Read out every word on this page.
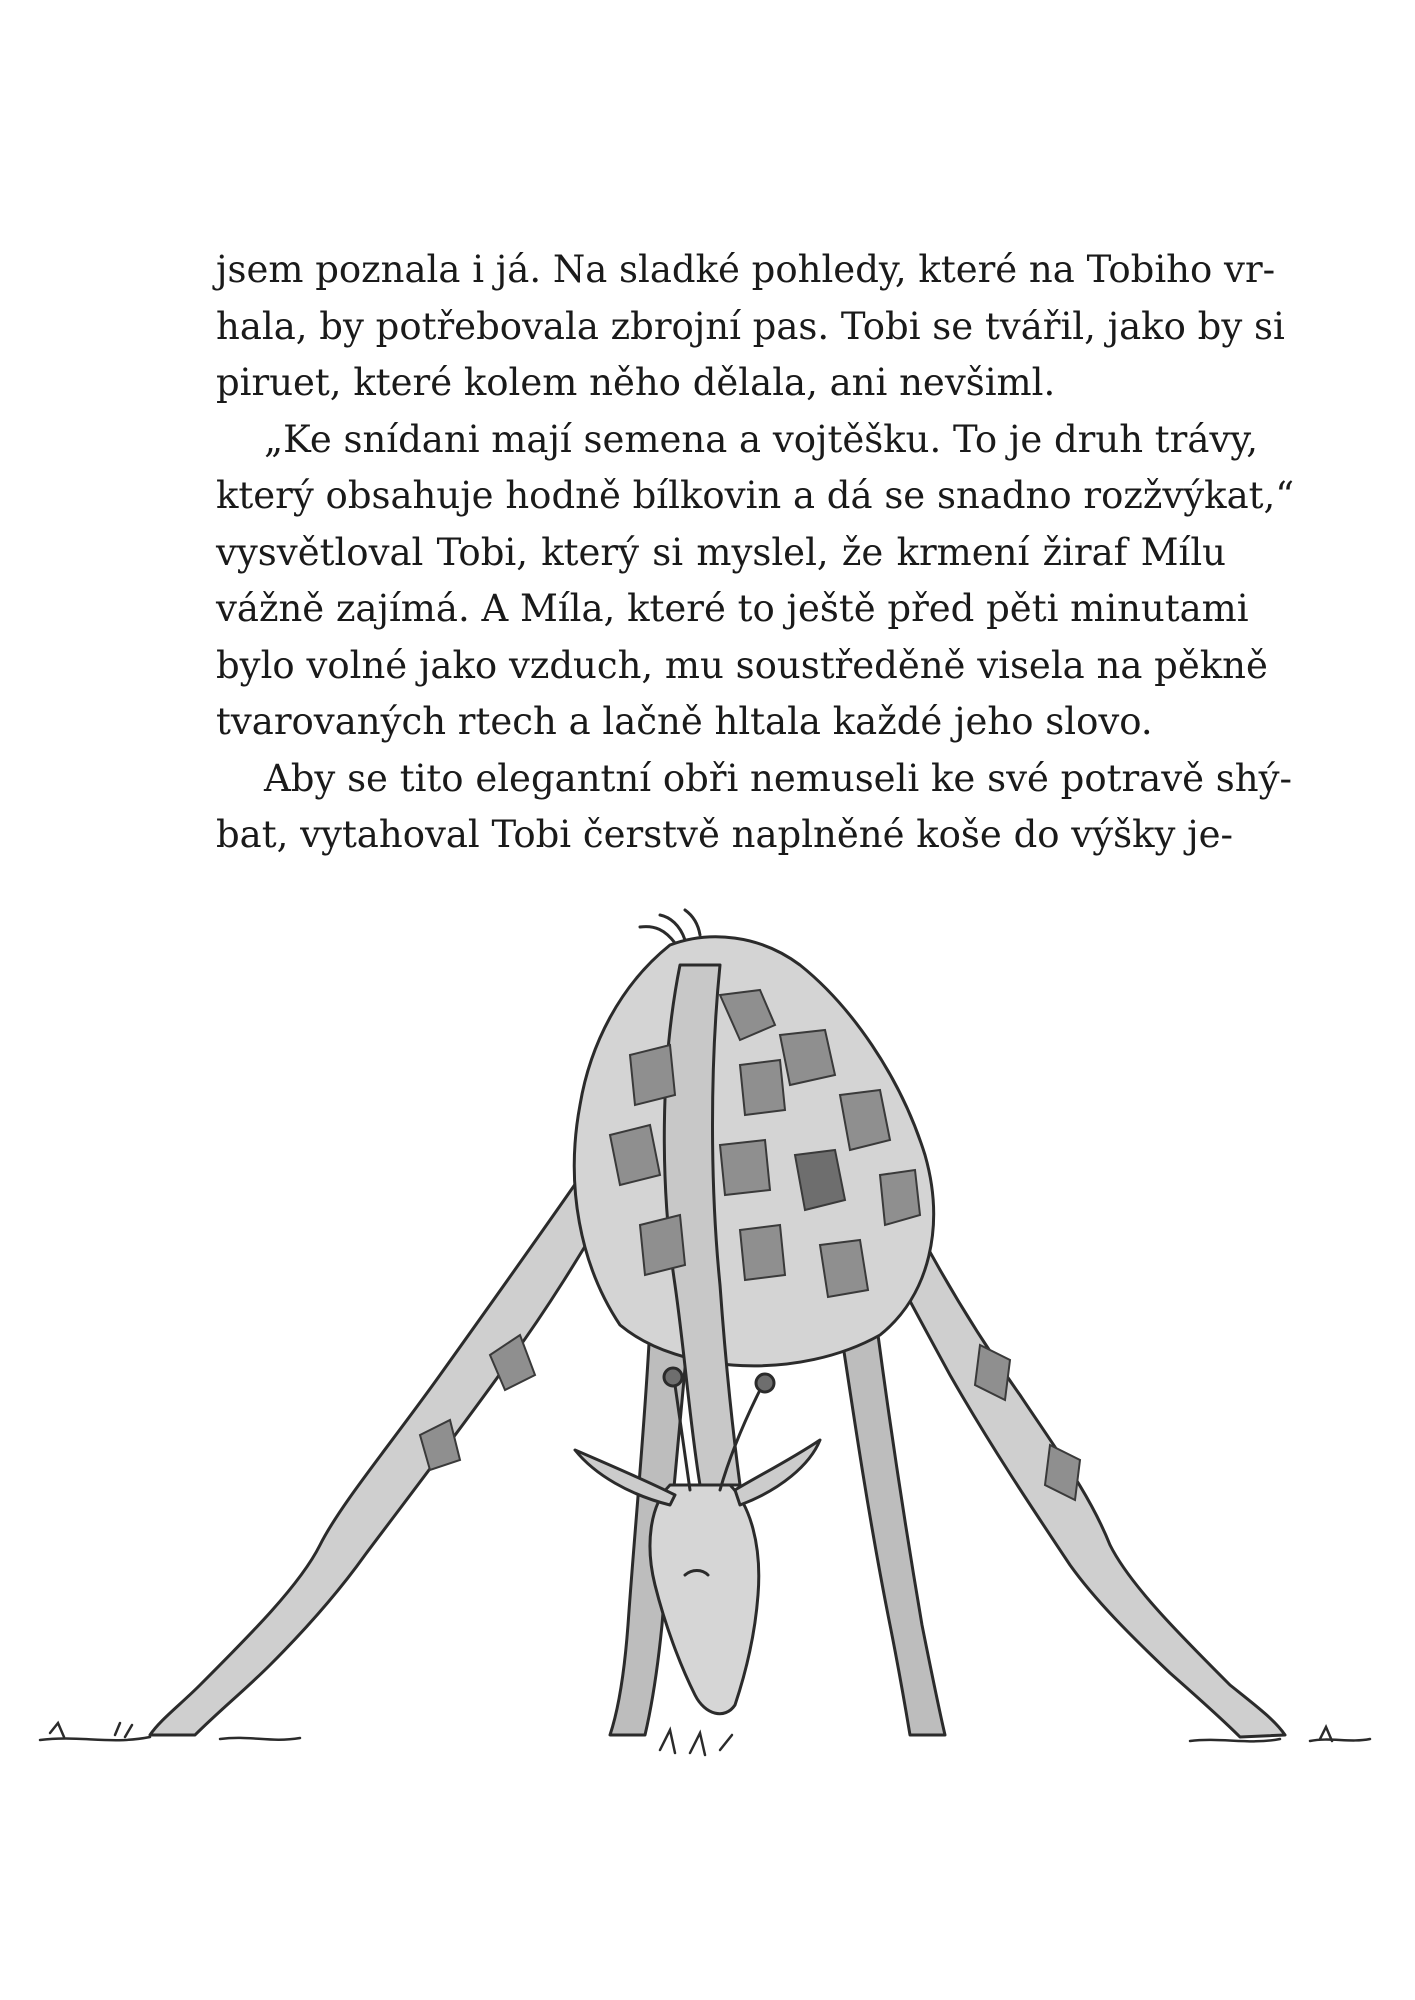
jsem poznala i já. Na sladké pohledy, které na Tobiho vr-
hala, by potřebovala zbrojní pas. Tobi se tvářil, jako by si
piruet, které kolem něho dělala, ani nevšiml.
„Ke snídani mají semena a vojtěšku. To je druh trávy,
který obsahuje hodně bílkovin a dá se snadno rozžvýkat,“
vysvětloval Tobi, který si myslel, že krmení žiraf Mílu
vážně zajímá. A Míla, které to ještě před pěti minutami
bylo volné jako vzduch, mu soustředěně visela na pěkně
tvarovaných rtech a lačně hltala každé jeho slovo.
Aby se tito elegantní obři nemuseli ke své potravě shý-
bat, vytahoval Tobi čerstvě naplněné koše do výšky je-
